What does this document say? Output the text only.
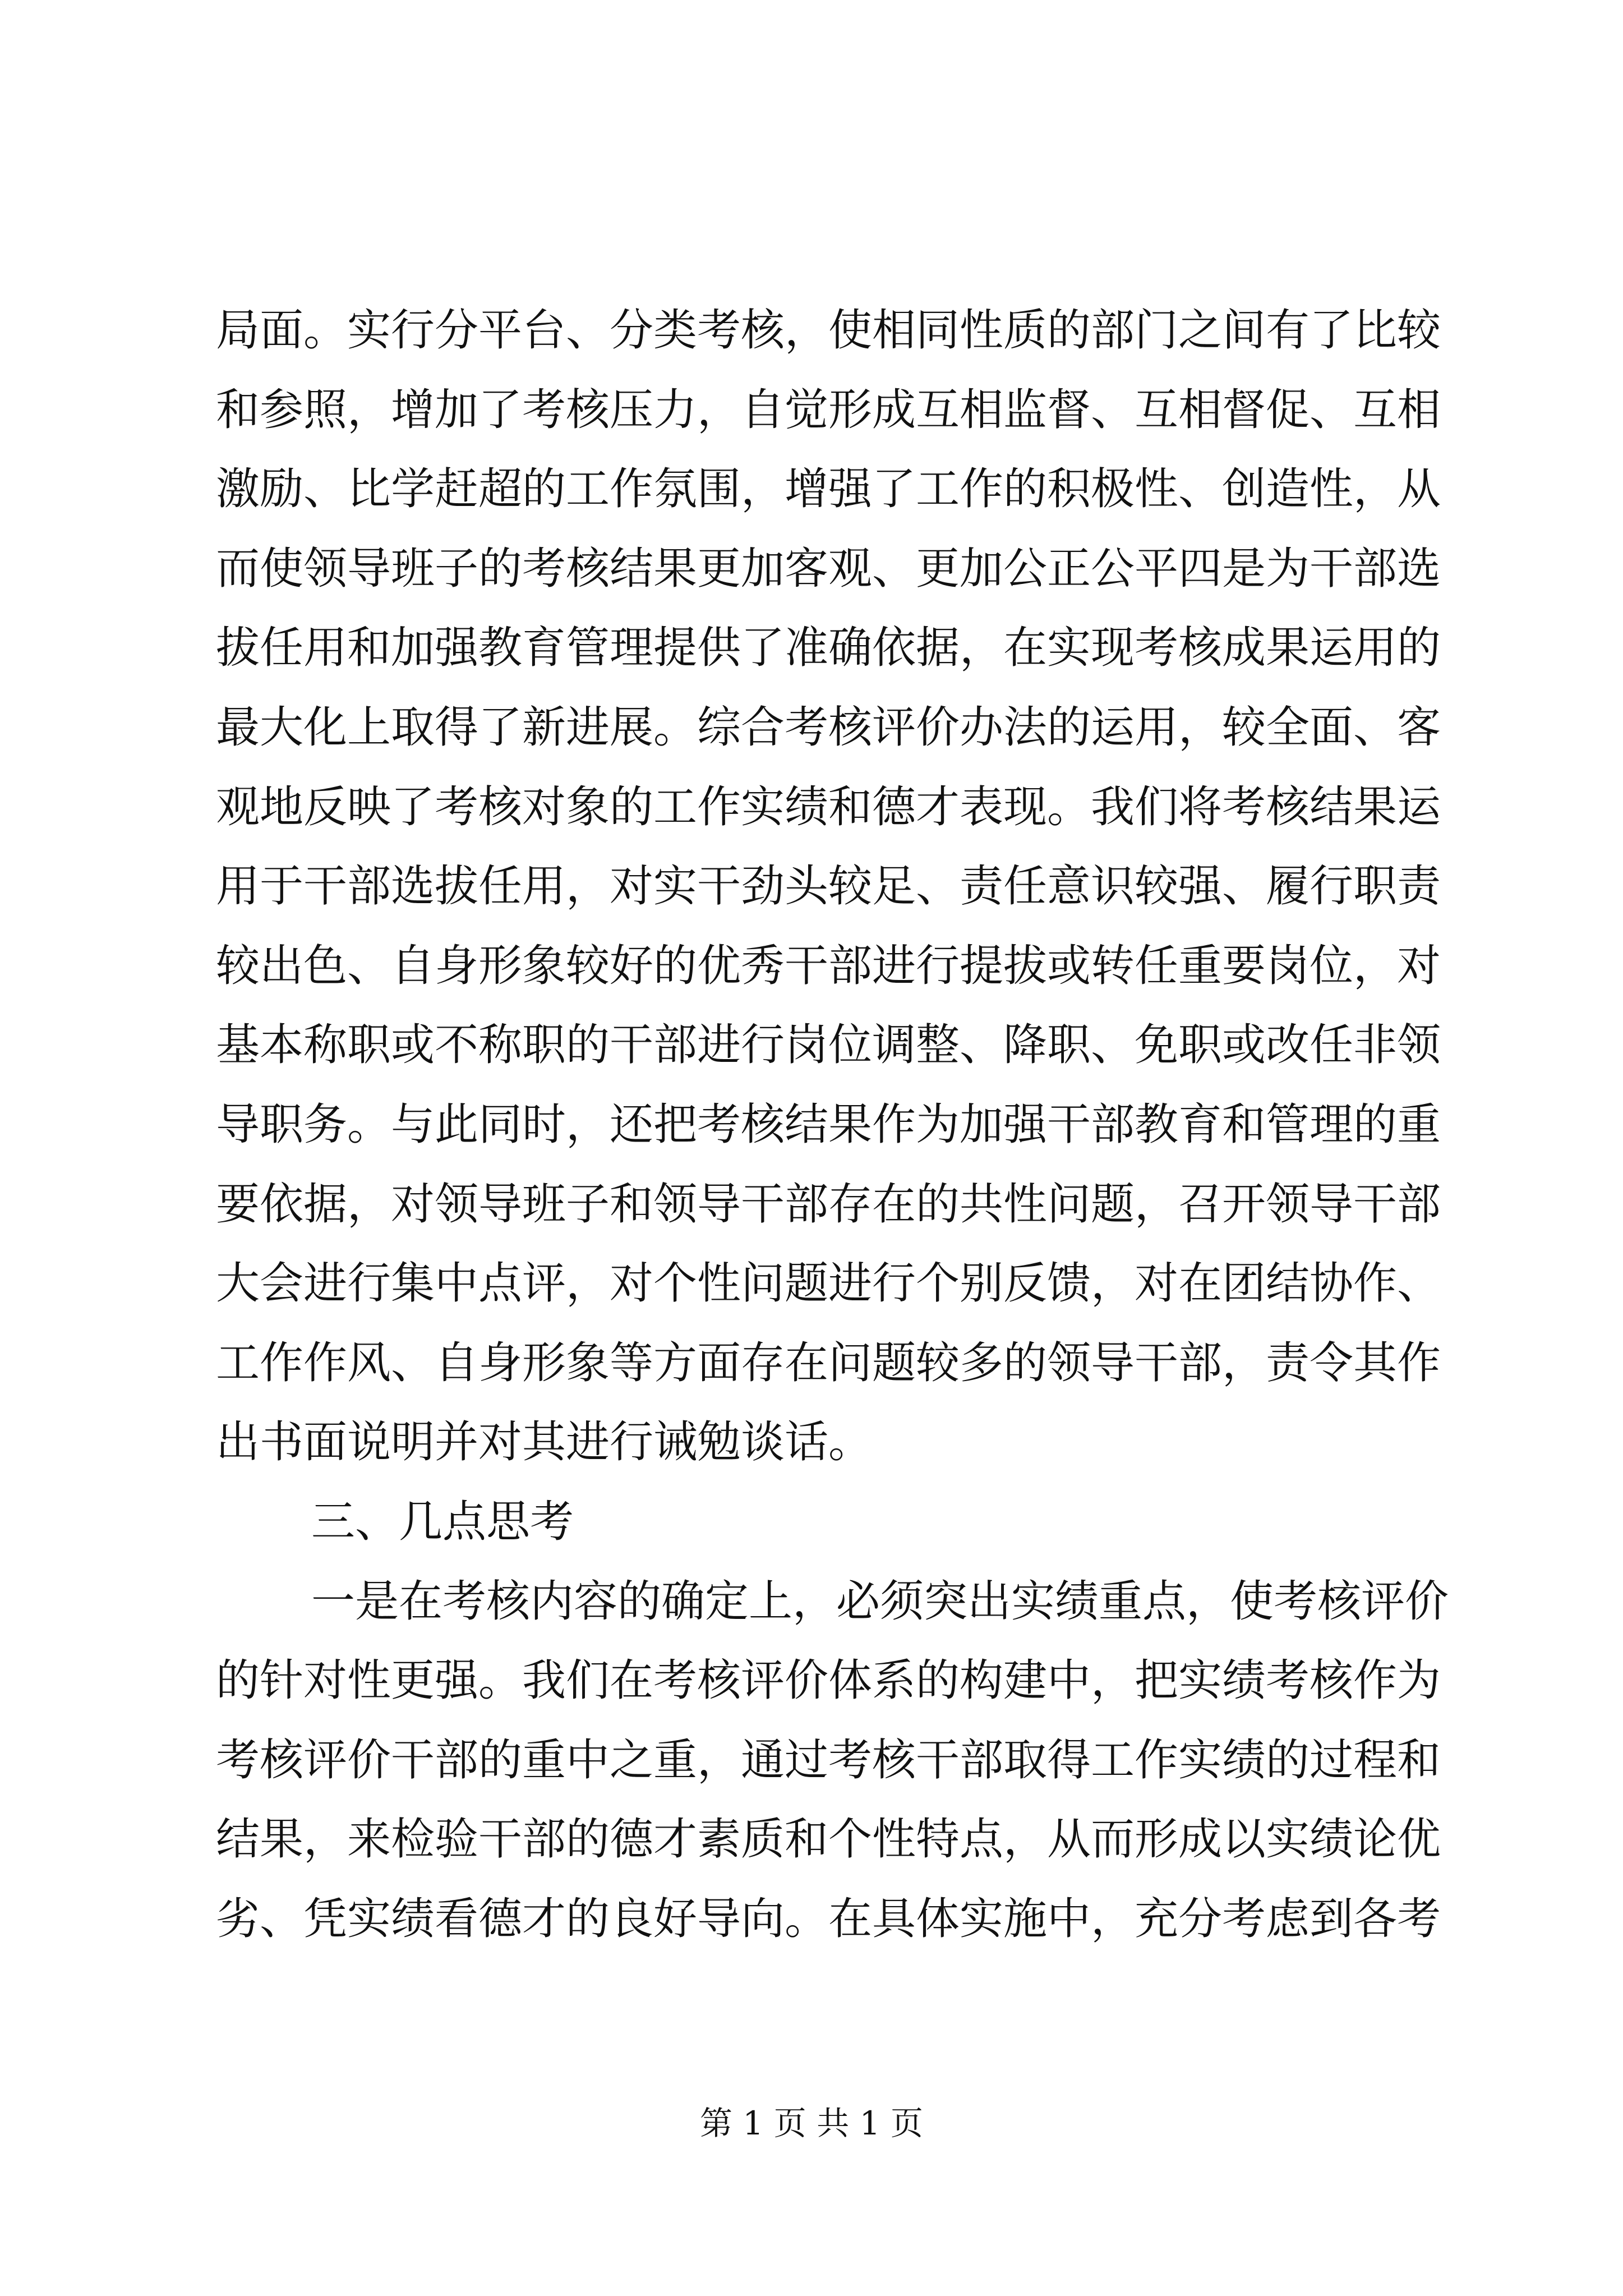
局面。实行分平台、分类考核，使相同性质的部门之间有了比较
和参照，增加了考核压力，自觉形成互相监督、互相督促、互相
激励、比学赶超的工作氛围，增强了工作的积极性、创造性，从
而使领导班子的考核结果更加客观、更加公正公平四是为干部选
拔任用和加强教育管理提供了准确依据，在实现考核成果运用的
最大化上取得了新进展。综合考核评价办法的运用，较全面、客
观地反映了考核对象的工作实绩和德才表现。我们将考核结果运
用于干部选拔任用，对实干劲头较足、责任意识较强、履行职责
较出色、自身形象较好的优秀干部进行提拔或转任重要岗位，对
基本称职或不称职的干部进行岗位调整、降职、免职或改任非领
导职务。与此同时，还把考核结果作为加强干部教育和管理的重
要依据，对领导班子和领导干部存在的共性问题，召开领导干部
大会进行集中点评，对个性问题进行个别反馈，对在团结协作、
工作作风、自身形象等方面存在问题较多的领导干部，责令其作
出书面说明并对其进行诫勉谈话。
三、几点思考
一是在考核内容的确定上，必须突出实绩重点，使考核评价
的针对性更强。我们在考核评价体系的构建中，把实绩考核作为
考核评价干部的重中之重，通过考核干部取得工作实绩的过程和
结果，来检验干部的德才素质和个性特点，从而形成以实绩论优
劣、凭实绩看德才的良好导向。在具体实施中，充分考虑到各考
第 1 页 共 1 页
